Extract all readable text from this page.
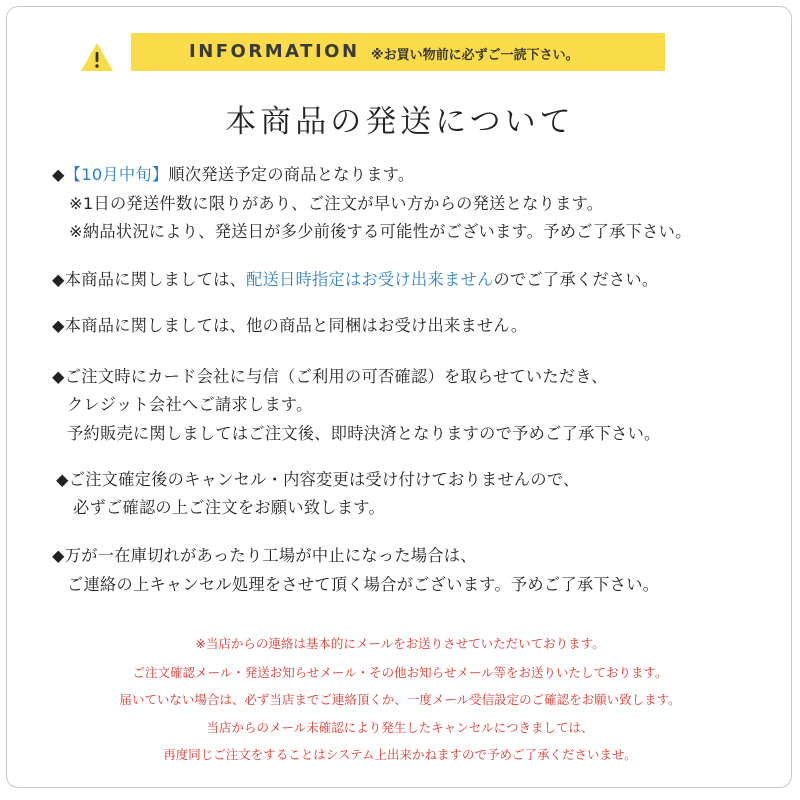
INFORMATION ※お買い物前に必ずご一読下さい。
本商品の発送について
◆【10月中旬】順次発送予定の商品となります。
※1日の発送件数に限りがあり、ご注文が早い方からの発送となります。
※納品状況により、発送日が多少前後する可能性がございます。予めご了承下さい。
◆本商品に関しましては、配送日時指定はお受け出来ませんのでご了承ください。
◆本商品に関しましては、他の商品と同梱はお受け出来ません。
◆ご注文時にカード会社に与信（ご利用の可否確認）を取らせていただき、
クレジット会社へご請求します。
予約販売に関しましてはご注文後、即時決済となりますので予めご了承下さい。
◆ご注文確定後のキャンセル・内容変更は受け付けておりませんので、
必ずご確認の上ご注文をお願い致します。
◆万が一在庫切れがあったり工場が中止になった場合は、
ご連絡の上キャンセル処理をさせて頂く場合がございます。予めご了承下さい。
※当店からの連絡は基本的にメールをお送りさせていただいております。
ご注文確認メール・発送お知らせメール・その他お知らせメール等をお送りいたしております。
届いていない場合は、必ず当店までご連絡頂くか、一度メール受信設定のご確認をお願い致します。
当店からのメール未確認により発生したキャンセルにつきましては、
再度同じご注文をすることはシステム上出来かねますので予めご了承くださいませ。
